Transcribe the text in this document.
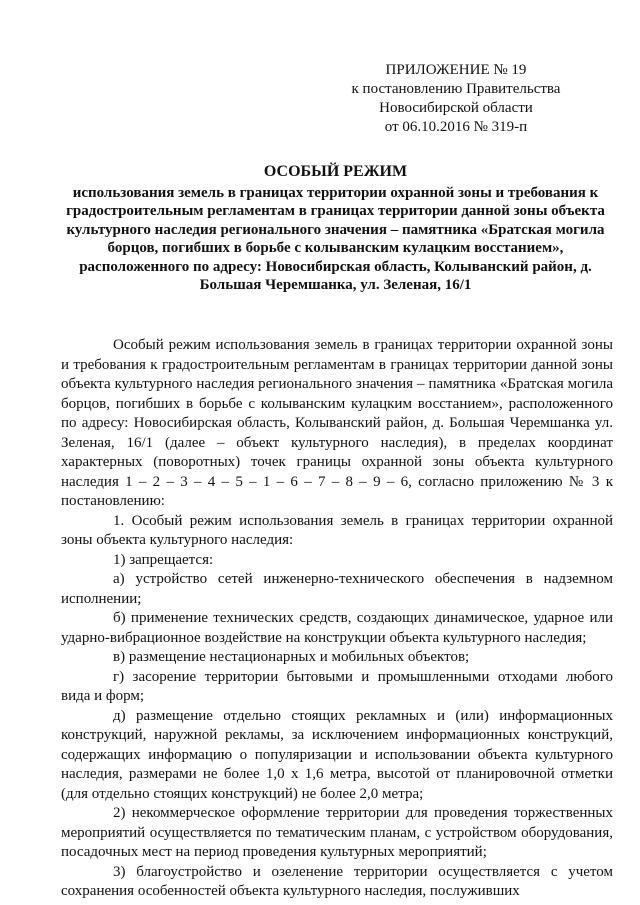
ПРИЛОЖЕНИЕ № 19
к постановлению Правительства
Новосибирской области
от 06.10.2016 № 319-п
ОСОБЫЙ РЕЖИМ
использования земель в границах территории охранной зоны и требования к градостроительным регламентам в границах территории данной зоны объекта культурного наследия регионального значения – памятника «Братская могила борцов, погибших в борьбе с колыванским кулацким восстанием», расположенного по адресу: Новосибирская область, Колыванский район, д. Большая Черемшанка, ул. Зеленая, 16/1

Особый режим использования земель в границах территории охранной зоны и требования к градостроительным регламентам в границах территории данной зоны объекта культурного наследия регионального значения – памятника «Братская могила борцов, погибших в борьбе с колыванским кулацким восстанием», расположенного по адресу: Новосибирская область, Колыванский район, д. Большая Черемшанка ул. Зеленая, 16/1 (далее – объект культурного наследия), в пределах координат характерных (поворотных) точек границы охранной зоны объекта культурного наследия 1 – 2 – 3 – 4 – 5 – 1 – 6 – 7 – 8 – 9 – 6, согласно приложению № 3 к постановлению:

1. Особый режим использования земель в границах территории охранной зоны объекта культурного наследия:

1) запрещается:

а) устройство сетей инженерно-технического обеспечения в надземном исполнении;

б) применение технических средств, создающих динамическое, ударное или ударно-вибрационное воздействие на конструкции объекта культурного наследия;

в) размещение нестационарных и мобильных объектов;

г) засорение территории бытовыми и промышленными отходами любого вида и форм;

д) размещение отдельно стоящих рекламных и (или) информационных конструкций, наружной рекламы, за исключением информационных конструкций, содержащих информацию о популяризации и использовании объекта культурного наследия, размерами не более 1,0 х 1,6 метра, высотой от планировочной отметки (для отдельно стоящих конструкций) не более 2,0 метра;

2) некоммерческое оформление территории для проведения торжественных мероприятий осуществляется по тематическим планам, с устройством оборудования, посадочных мест на период проведения культурных мероприятий;

3) благоустройство и озеленение территории осуществляется с учетом сохранения особенностей объекта культурного наследия, послуживших
